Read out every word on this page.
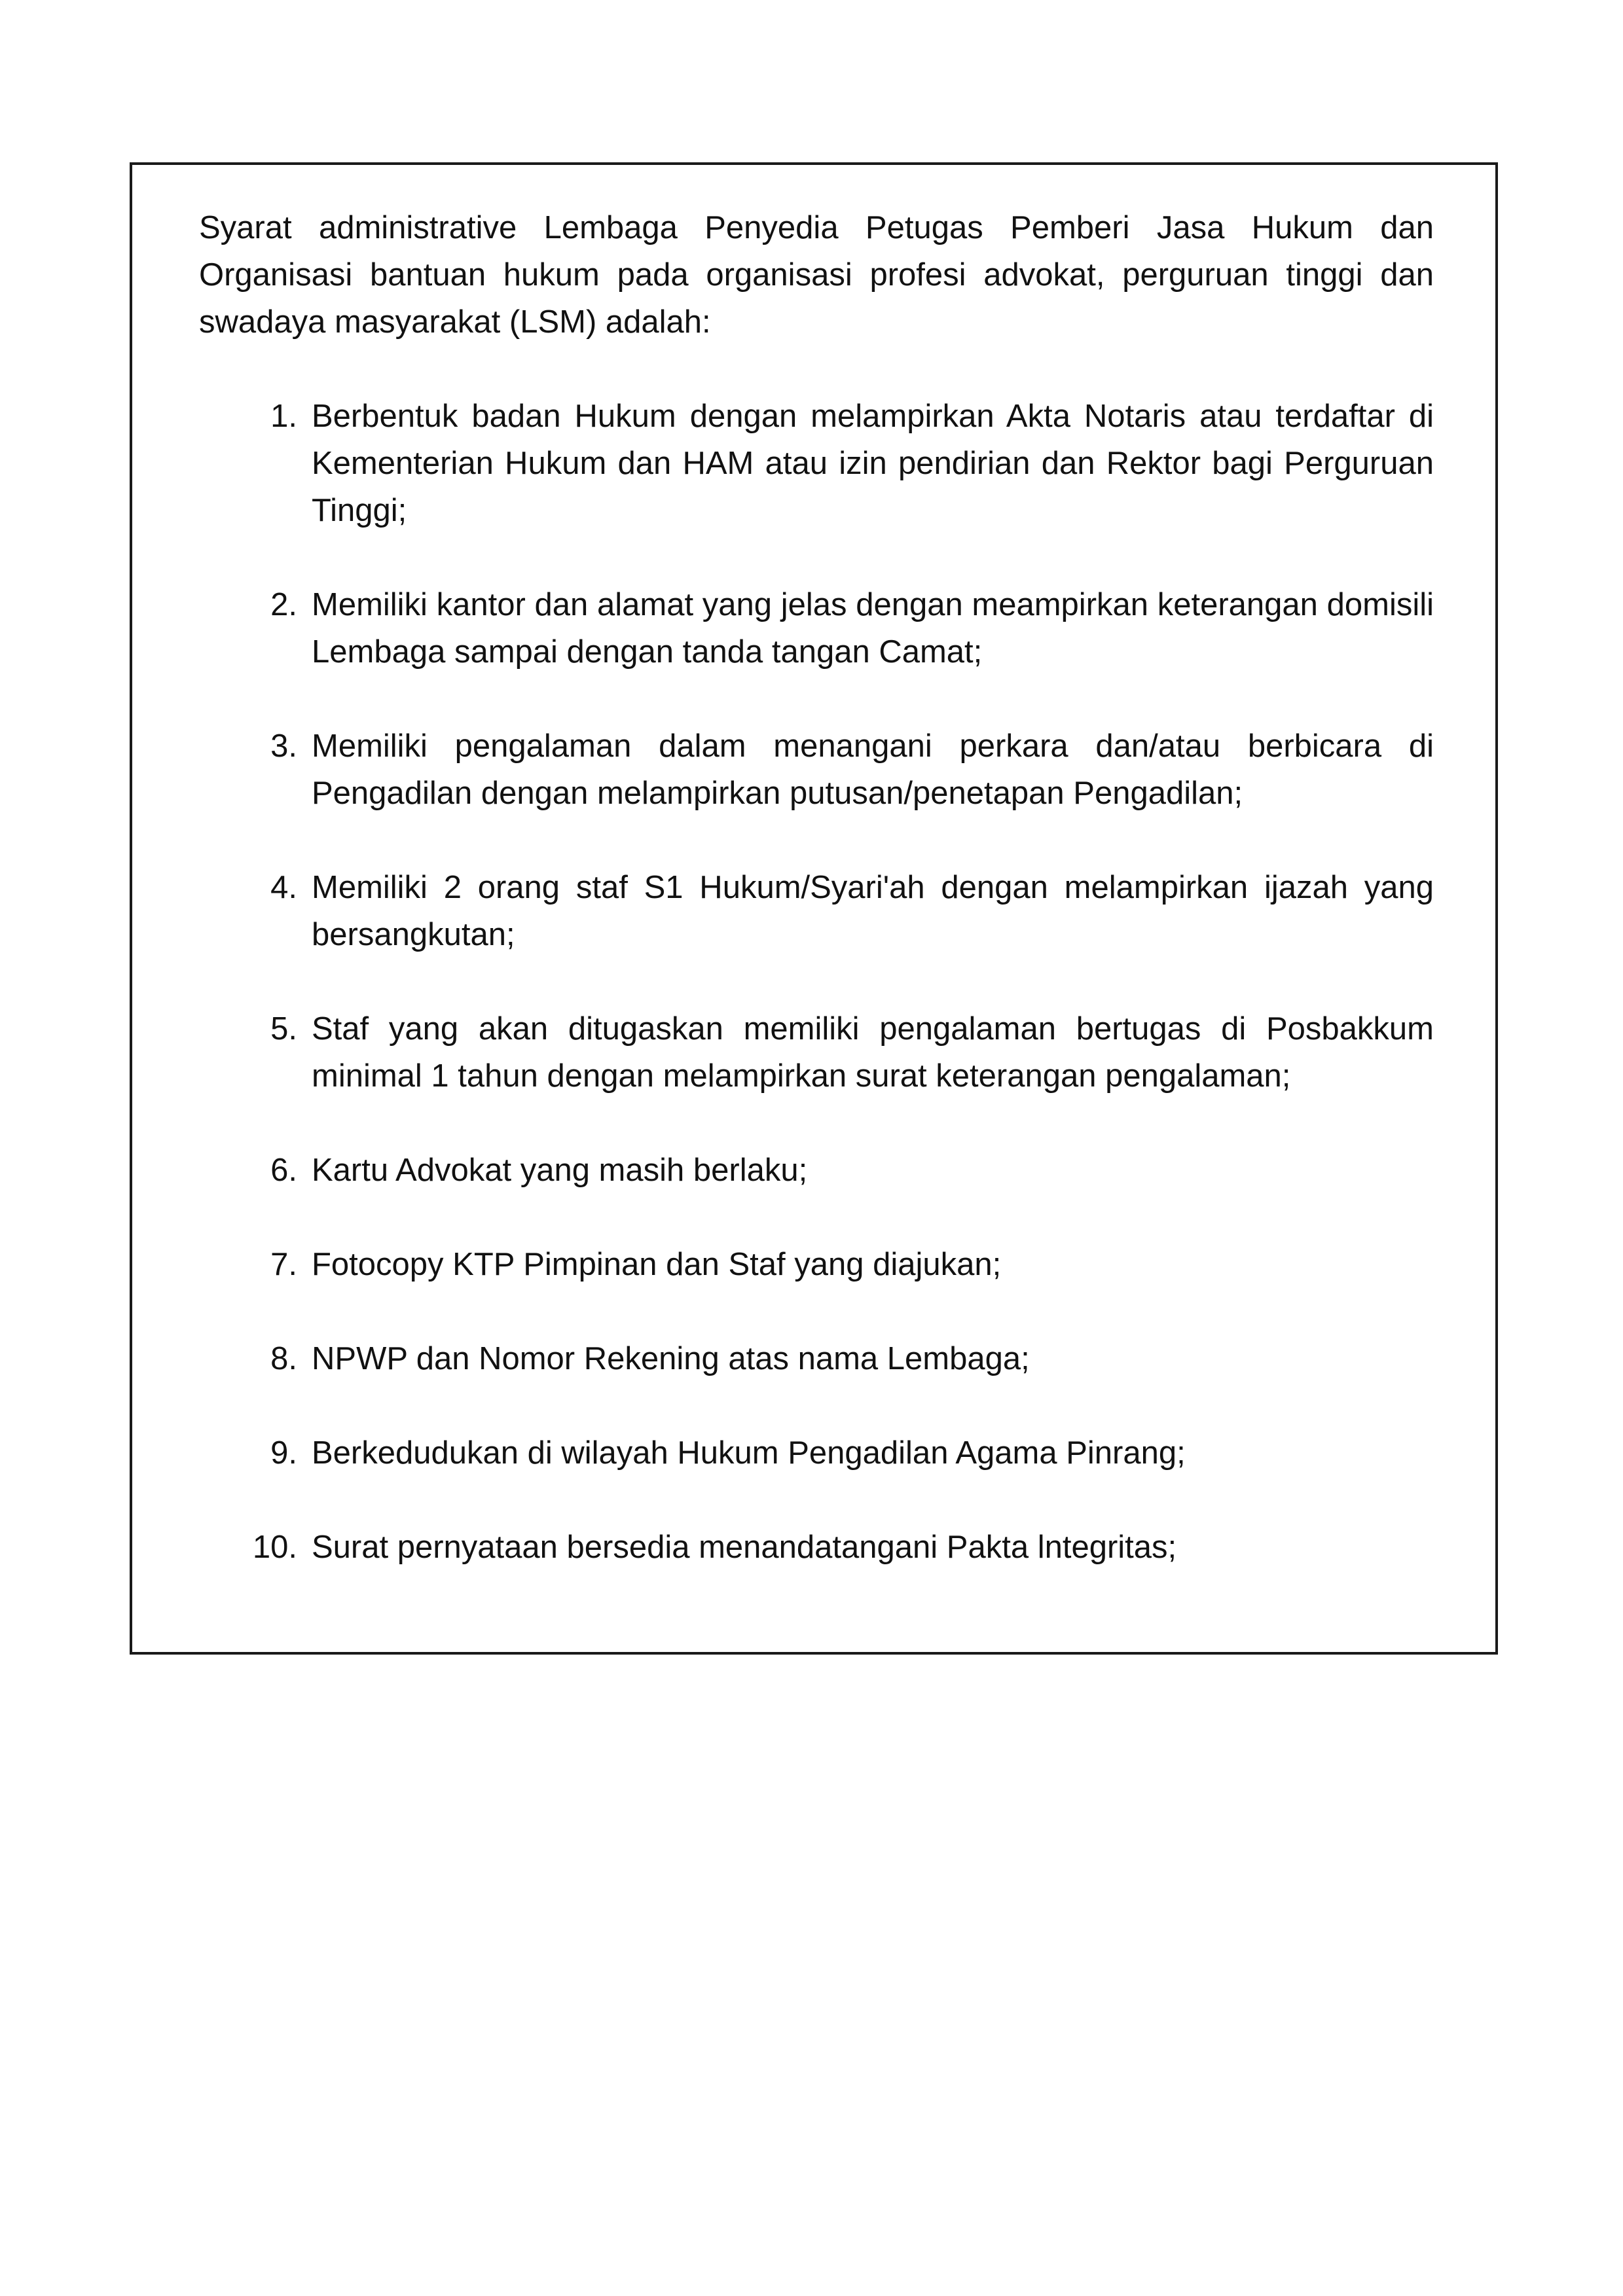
Syarat administrative Lembaga Penyedia Petugas Pemberi Jasa Hukum dan Organisasi bantuan hukum pada organisasi profesi advokat, perguruan tinggi dan swadaya masyarakat (LSM) adalah:

1. Berbentuk badan Hukum dengan melampirkan Akta Notaris atau terdaftar di Kementerian Hukum dan HAM atau izin pendirian dan Rektor bagi Perguruan Tinggi;
2. Memiliki kantor dan alamat yang jelas dengan meampirkan keterangan domisili Lembaga sampai dengan tanda tangan Camat;
3. Memiliki pengalaman dalam menangani perkara dan/atau berbicara di Pengadilan dengan melampirkan putusan/penetapan Pengadilan;
4. Memiliki 2 orang staf S1 Hukum/Syari'ah dengan melampirkan ijazah yang bersangkutan;
5. Staf yang akan ditugaskan memiliki pengalaman bertugas di Posbakkum minimal 1 tahun dengan melampirkan surat keterangan pengalaman;
6. Kartu Advokat yang masih berlaku;
7. Fotocopy KTP Pimpinan dan Staf yang diajukan;
8. NPWP dan Nomor Rekening atas nama Lembaga;
9. Berkedudukan di wilayah Hukum Pengadilan Agama Pinrang;
10. Surat pernyataan bersedia menandatangani Pakta lntegritas;
